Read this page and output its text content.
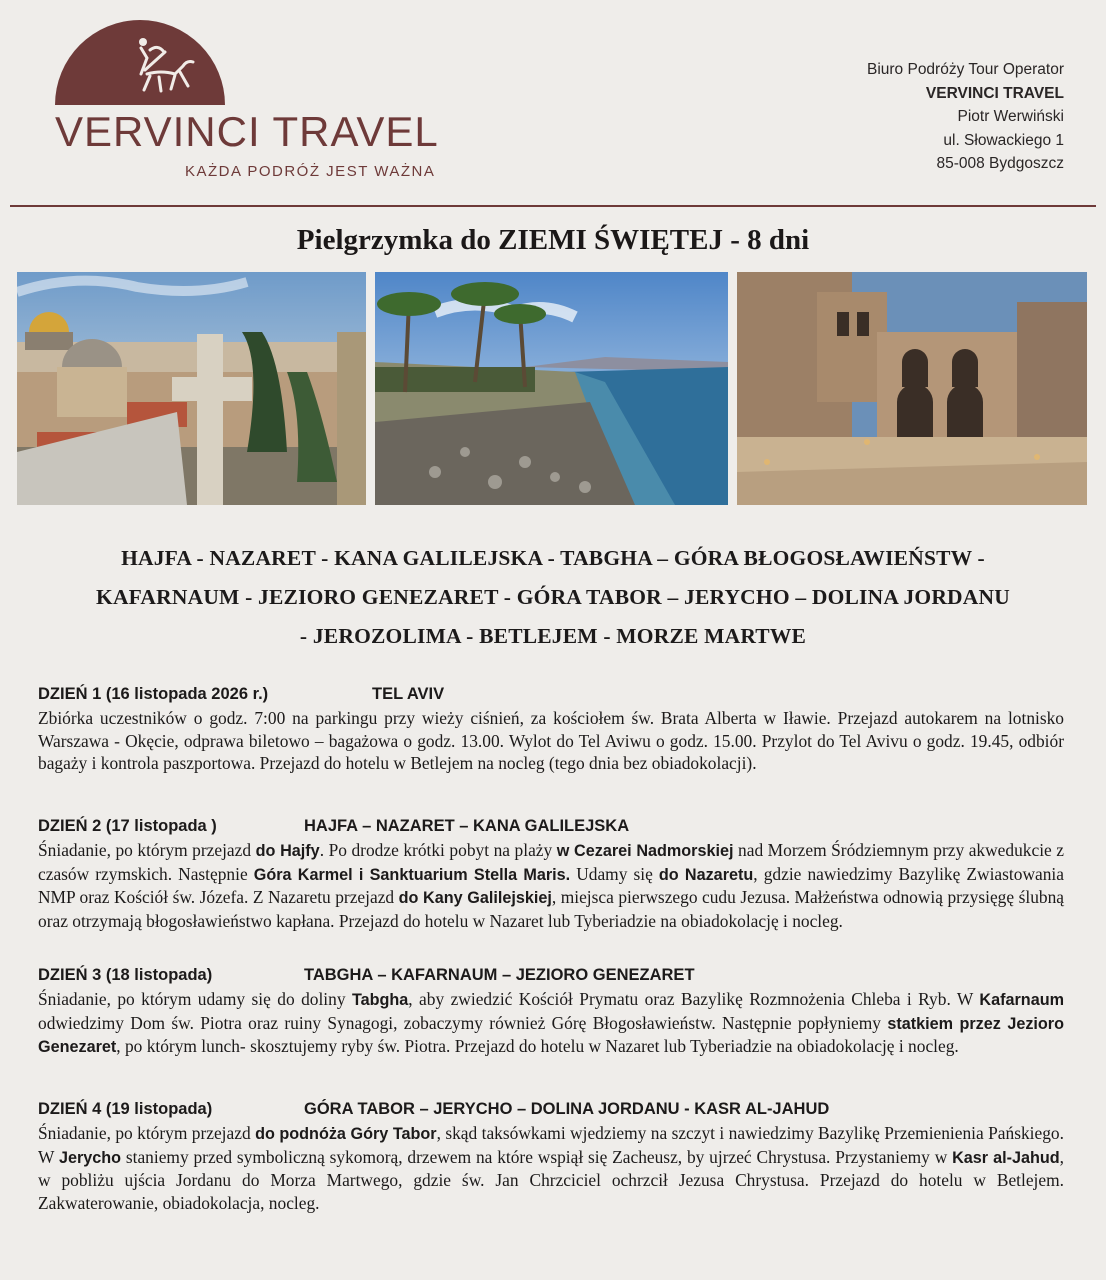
VERVINCI TRAVEL
KAŻDA PODRÓŻ JEST WAŻNA
Biuro Podróży Tour Operator
VERVINCI TRAVEL
Piotr Werwiński
ul. Słowackiego 1
85-008 Bydgoszcz
Pielgrzymka do ZIEMI ŚWIĘTEJ - 8 dni
HAJFA - NAZARET - KANA GALILEJSKA - TABGHA – GÓRA BŁOGOSŁAWIEŃSTW -
KAFARNAUM - JEZIORO GENEZARET - GÓRA TABOR – JERYCHO – DOLINA JORDANU
- JEROZOLIMA - BETLEJEM - MORZE MARTWE
DZIEŃ 1 (16 listopada 2026 r.)	TEL AVIV
Zbiórka uczestników o godz. 7:00 na parkingu przy wieży ciśnień, za kościołem św. Brata Alberta w Iławie. Przejazd autokarem na lotnisko Warszawa - Okęcie, odprawa biletowo – bagażowa o godz. 13.00. Wylot do Tel Aviwu o godz. 15.00. Przylot do Tel Avivu o godz. 19.45, odbiór bagaży i kontrola paszportowa. Przejazd do hotelu w Betlejem na nocleg (tego dnia bez obiadokolacji).
DZIEŃ 2 (17 listopada )	HAJFA – NAZARET – KANA GALILEJSKA
Śniadanie, po którym przejazd do Hajfy. Po drodze krótki pobyt na plaży w Cezarei Nadmorskiej nad Morzem Śródziemnym przy akwedukcie z czasów rzymskich. Następnie Góra Karmel i Sanktuarium Stella Maris. Udamy się do Nazaretu, gdzie nawiedzimy Bazylikę Zwiastowania NMP oraz Kościół św. Józefa. Z Nazaretu przejazd do Kany Galilejskiej, miejsca pierwszego cudu Jezusa. Małżeństwa odnowią przysięgę ślubną oraz otrzymają błogosławieństwo kapłana. Przejazd do hotelu w Nazaret lub Tyberiadzie na obiadokolację i nocleg.
DZIEŃ 3 (18 listopada)	TABGHA – KAFARNAUM – JEZIORO GENEZARET
Śniadanie, po którym udamy się do doliny Tabgha, aby zwiedzić Kościół Prymatu oraz Bazylikę Rozmnożenia Chleba i Ryb. W Kafarnaum odwiedzimy Dom św. Piotra oraz ruiny Synagogi, zobaczymy również Górę Błogosławieństw. Następnie popłyniemy statkiem przez Jezioro Genezaret, po którym lunch- skosztujemy ryby św. Piotra. Przejazd do hotelu w Nazaret lub Tyberiadzie na obiadokolację i nocleg.
DZIEŃ 4 (19 listopada)	GÓRA TABOR – JERYCHO – DOLINA JORDANU - KASR AL-JAHUD
Śniadanie, po którym przejazd do podnóża Góry Tabor, skąd taksówkami wjedziemy na szczyt i nawiedzimy Bazylikę Przemienienia Pańskiego. W Jerycho staniemy przed symboliczną sykomorą, drzewem na które wspiął się Zacheusz, by ujrzeć Chrystusa. Przystaniemy w Kasr al-Jahud, w pobliżu ujścia Jordanu do Morza Martwego, gdzie św. Jan Chrzciciel ochrzcił Jezusa Chrystusa. Przejazd do hotelu w Betlejem. Zakwaterowanie, obiadokolacja, nocleg.
